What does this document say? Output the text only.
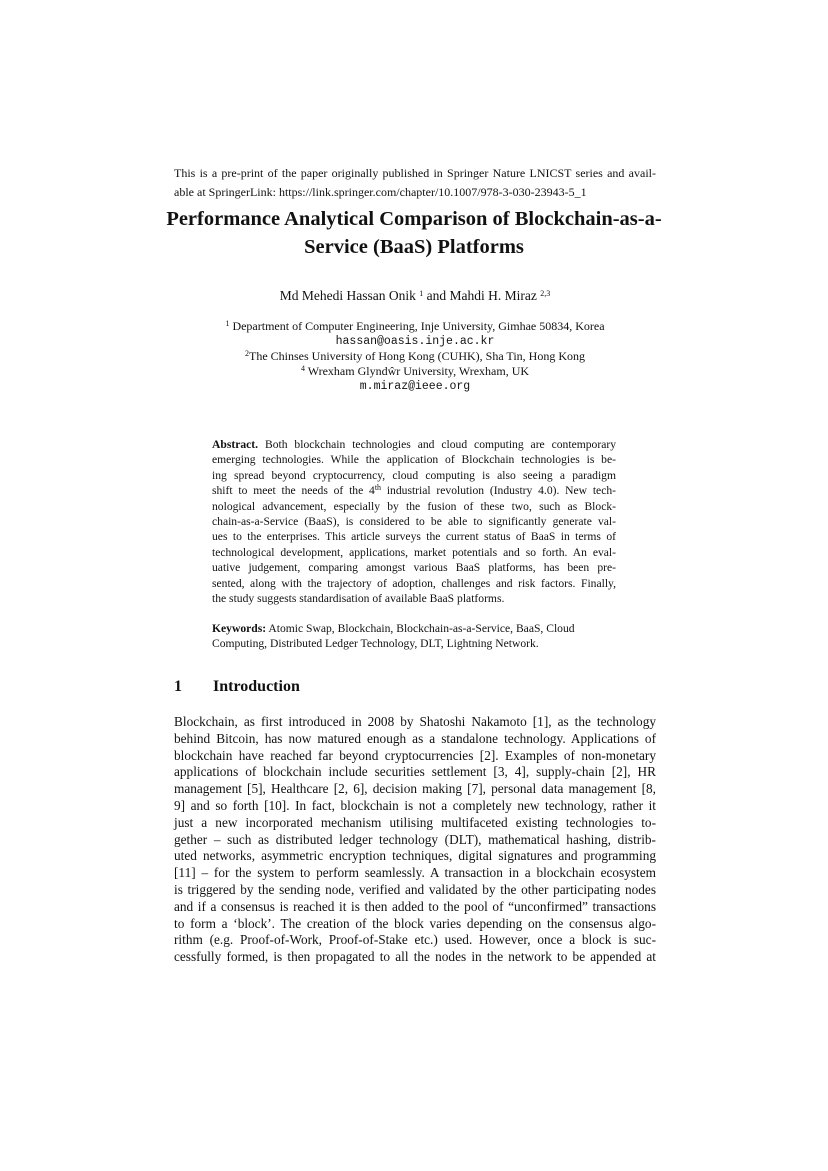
This is a pre-print of the paper originally published in Springer Nature LNICST series and avail-
able at SpringerLink: https://link.springer.com/chapter/10.1007/978-3-030-23943-5_1
Performance Analytical Comparison of Blockchain-as-a-
Service (BaaS) Platforms
Md Mehedi Hassan Onik $^1$ and Mahdi H. Miraz $^{2,3}$
$^1$ Department of Computer Engineering, Inje University, Gimhae 50834, Korea
hassan@oasis.inje.ac.kr
$^2$The Chinses University of Hong Kong (CUHK), Sha Tin, Hong Kong
$^4$ Wrexham Glyndŵr University, Wrexham, UK
m.miraz@ieee.org
Abstract. Both blockchain technologies and cloud computing are contemporary
emerging technologies. While the application of Blockchain technologies is be-
ing spread beyond cryptocurrency, cloud computing is also seeing a paradigm
shift to meet the needs of the 4th industrial revolution (Industry 4.0). New tech-
nological advancement, especially by the fusion of these two, such as Block-
chain-as-a-Service (BaaS), is considered to be able to significantly generate val-
ues to the enterprises. This article surveys the current status of BaaS in terms of
technological development, applications, market potentials and so forth. An eval-
uative judgement, comparing amongst various BaaS platforms, has been pre-
sented, along with the trajectory of adoption, challenges and risk factors. Finally,
the study suggests standardisation of available BaaS platforms.
Keywords: Atomic Swap, Blockchain, Blockchain-as-a-Service, BaaS, Cloud
Computing, Distributed Ledger Technology, DLT, Lightning Network.
1 Introduction
Blockchain, as first introduced in 2008 by Shatoshi Nakamoto [1], as the technology
behind Bitcoin, has now matured enough as a standalone technology. Applications of
blockchain have reached far beyond cryptocurrencies [2]. Examples of non-monetary
applications of blockchain include securities settlement [3, 4], supply-chain [2], HR
management [5], Healthcare [2, 6], decision making [7], personal data management [8,
9] and so forth [10]. In fact, blockchain is not a completely new technology, rather it
just a new incorporated mechanism utilising multifaceted existing technologies to-
gether – such as distributed ledger technology (DLT), mathematical hashing, distrib-
uted networks, asymmetric encryption techniques, digital signatures and programming
[11] – for the system to perform seamlessly. A transaction in a blockchain ecosystem
is triggered by the sending node, verified and validated by the other participating nodes
and if a consensus is reached it is then added to the pool of “unconfirmed” transactions
to form a ‘block’. The creation of the block varies depending on the consensus algo-
rithm (e.g. Proof-of-Work, Proof-of-Stake etc.) used. However, once a block is suc-
cessfully formed, is then propagated to all the nodes in the network to be appended at
